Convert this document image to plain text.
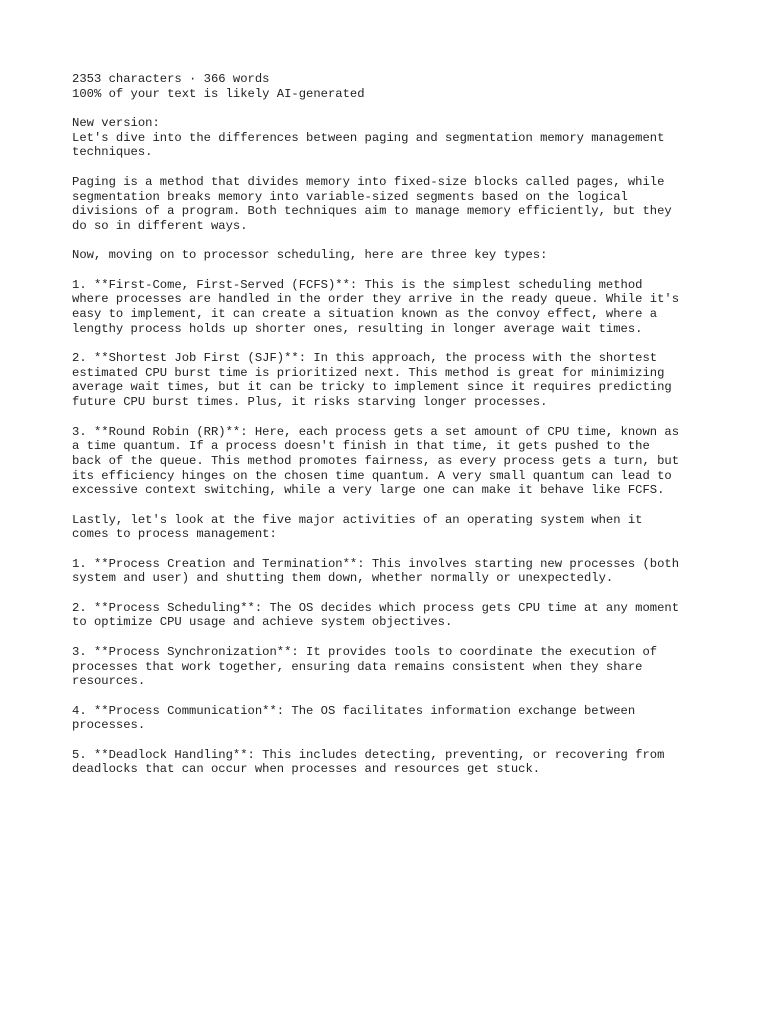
2353 characters · 366 words
100% of your text is likely AI-generated
New version:
Let's dive into the differences between paging and segmentation memory management
techniques.
Paging is a method that divides memory into fixed-size blocks called pages, while
segmentation breaks memory into variable-sized segments based on the logical
divisions of a program. Both techniques aim to manage memory efficiently, but they
do so in different ways.
Now, moving on to processor scheduling, here are three key types:
1. **First-Come, First-Served (FCFS)**: This is the simplest scheduling method
where processes are handled in the order they arrive in the ready queue. While it's
easy to implement, it can create a situation known as the convoy effect, where a
lengthy process holds up shorter ones, resulting in longer average wait times.
2. **Shortest Job First (SJF)**: In this approach, the process with the shortest
estimated CPU burst time is prioritized next. This method is great for minimizing
average wait times, but it can be tricky to implement since it requires predicting
future CPU burst times. Plus, it risks starving longer processes.
3. **Round Robin (RR)**: Here, each process gets a set amount of CPU time, known as
a time quantum. If a process doesn't finish in that time, it gets pushed to the
back of the queue. This method promotes fairness, as every process gets a turn, but
its efficiency hinges on the chosen time quantum. A very small quantum can lead to
excessive context switching, while a very large one can make it behave like FCFS.
Lastly, let's look at the five major activities of an operating system when it
comes to process management:
1. **Process Creation and Termination**: This involves starting new processes (both
system and user) and shutting them down, whether normally or unexpectedly.
2. **Process Scheduling**: The OS decides which process gets CPU time at any moment
to optimize CPU usage and achieve system objectives.
3. **Process Synchronization**: It provides tools to coordinate the execution of
processes that work together, ensuring data remains consistent when they share
resources.
4. **Process Communication**: The OS facilitates information exchange between
processes.
5. **Deadlock Handling**: This includes detecting, preventing, or recovering from
deadlocks that can occur when processes and resources get stuck.
